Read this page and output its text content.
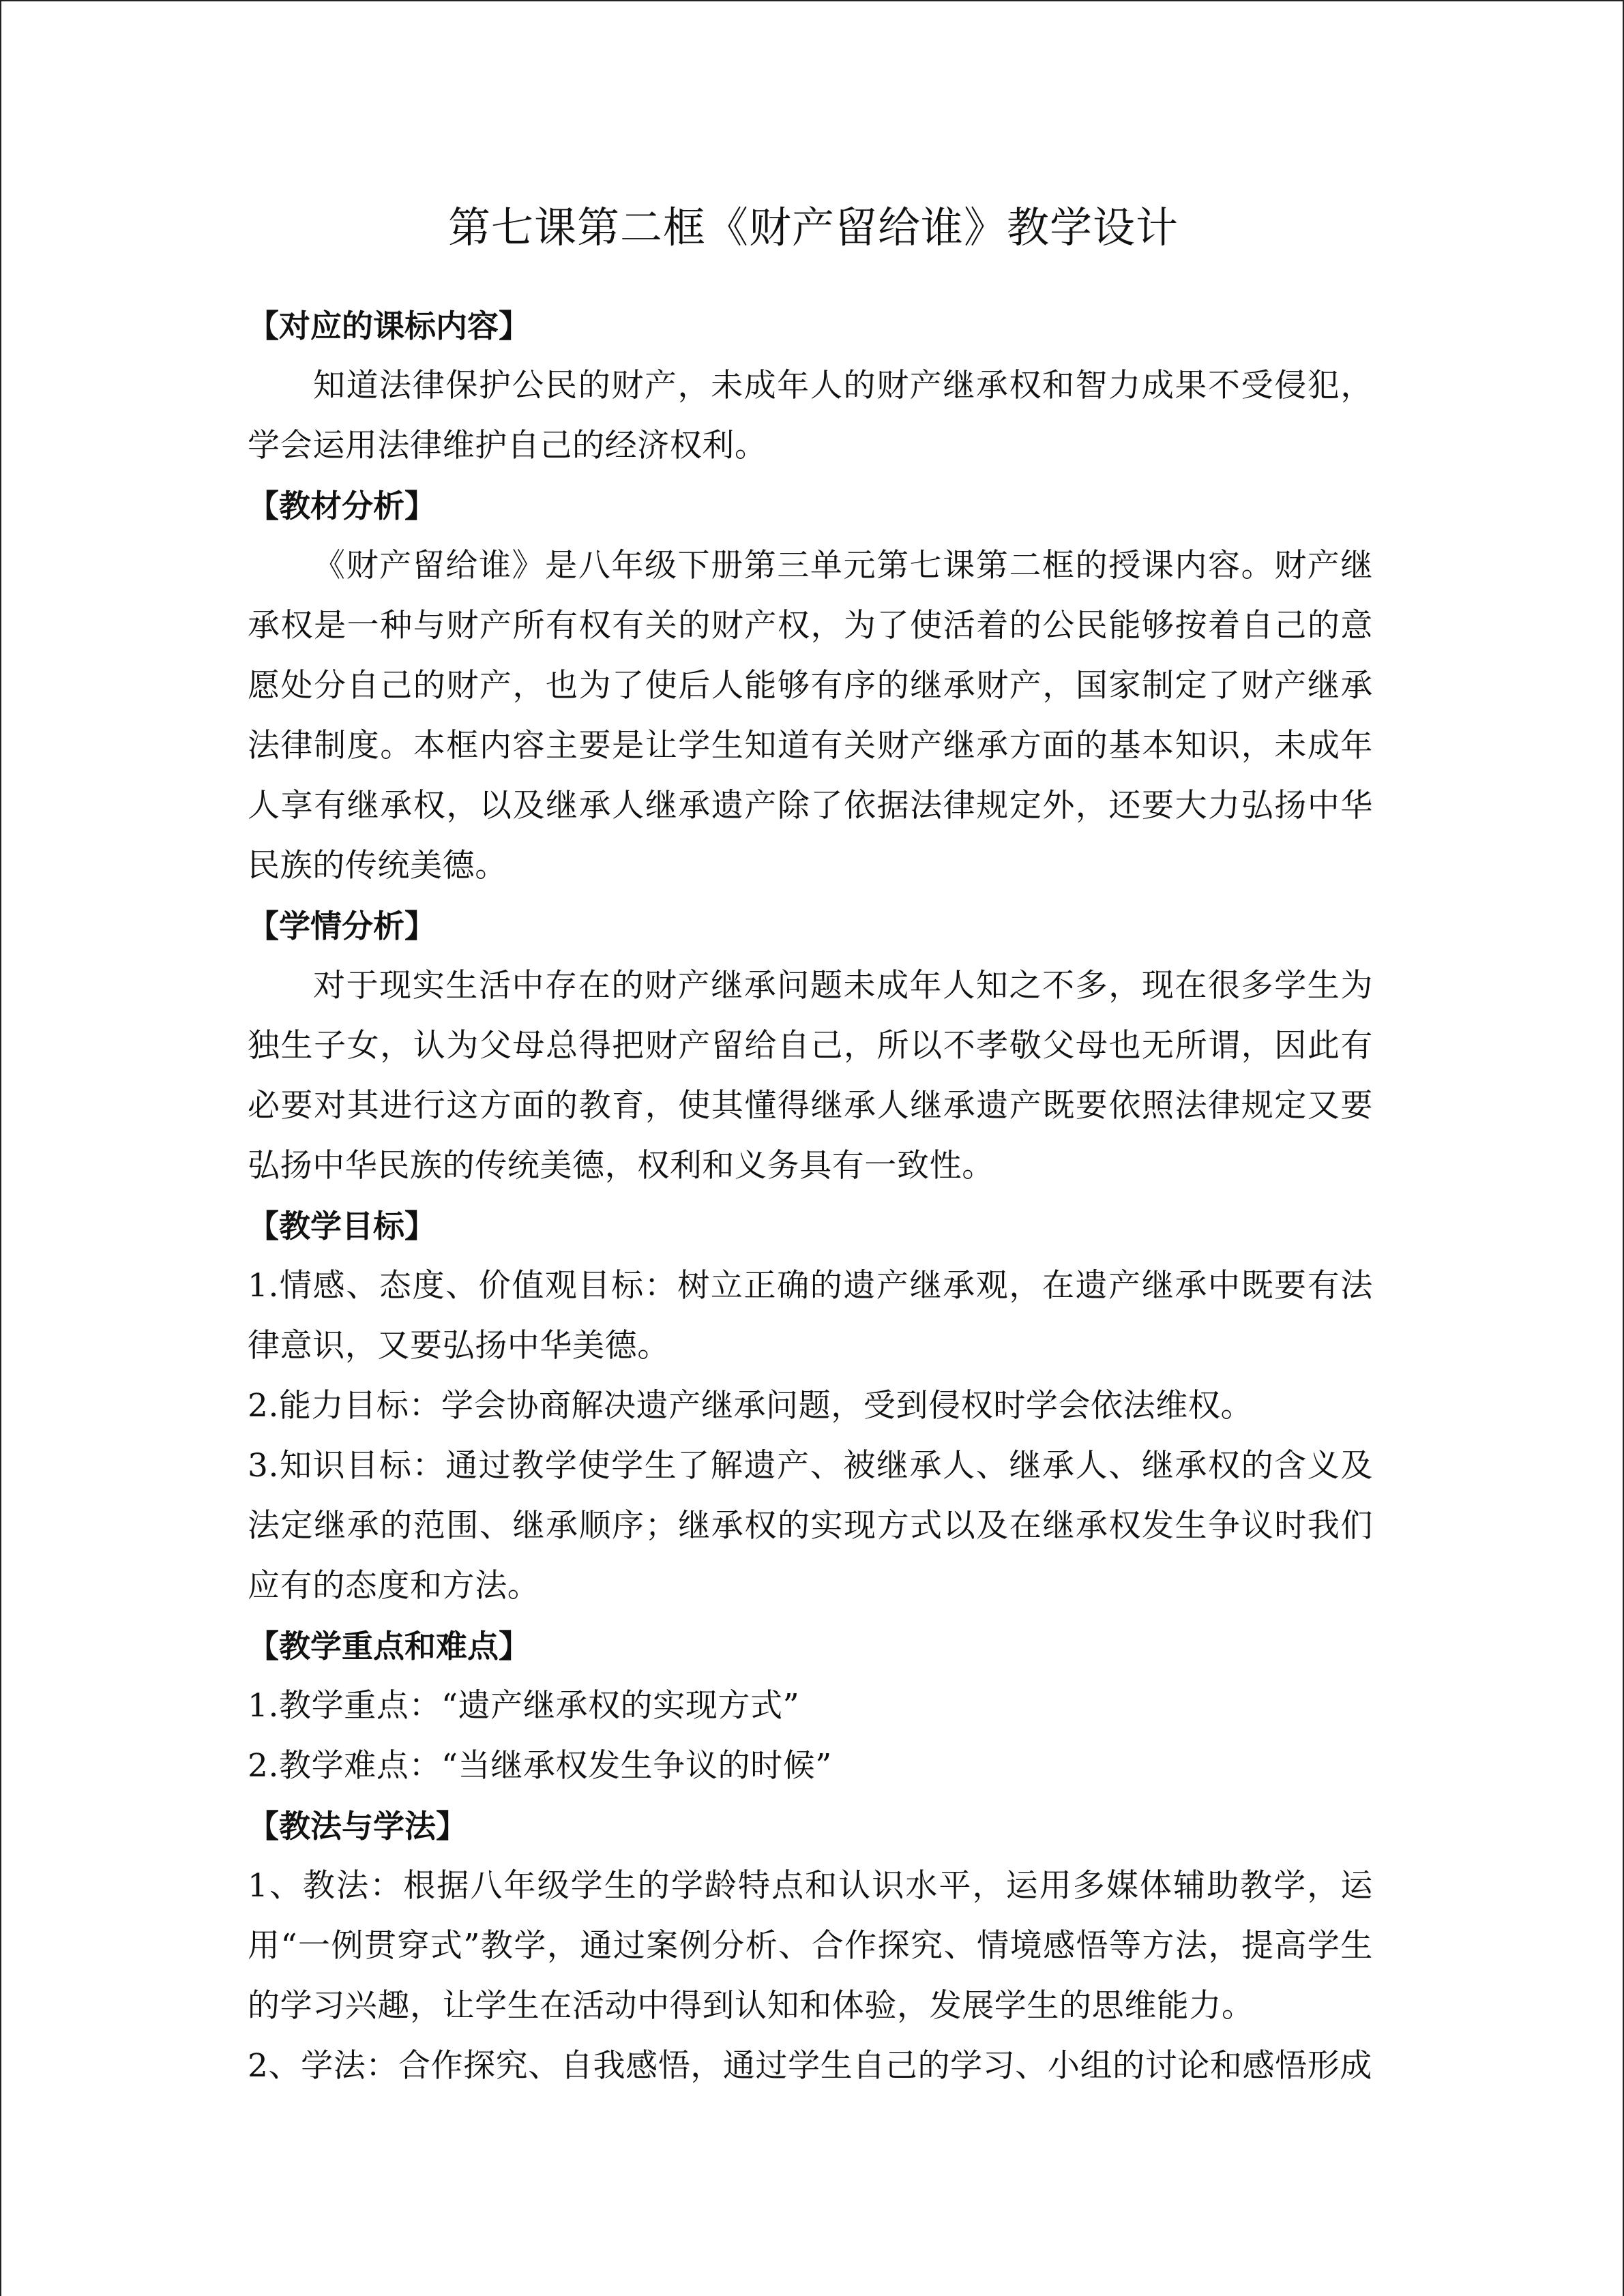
第七课第二框《财产留给谁》教学设计
【对应的课标内容】
知道法律保护公民的财产，未成年人的财产继承权和智力成果不受侵犯，学会运用法律维护自己的经济权利。
【教材分析】
《财产留给谁》是八年级下册第三单元第七课第二框的授课内容。财产继承权是一种与财产所有权有关的财产权，为了使活着的公民能够按着自己的意愿处分自己的财产，也为了使后人能够有序的继承财产，国家制定了财产继承法律制度。本框内容主要是让学生知道有关财产继承方面的基本知识，未成年人享有继承权，以及继承人继承遗产除了依据法律规定外，还要大力弘扬中华民族的传统美德。
【学情分析】
对于现实生活中存在的财产继承问题未成年人知之不多，现在很多学生为独生子女，认为父母总得把财产留给自己，所以不孝敬父母也无所谓，因此有必要对其进行这方面的教育，使其懂得继承人继承遗产既要依照法律规定又要弘扬中华民族的传统美德，权利和义务具有一致性。
【教学目标】
1.情感、态度、价值观目标：树立正确的遗产继承观，在遗产继承中既要有法律意识，又要弘扬中华美德。
2.能力目标：学会协商解决遗产继承问题，受到侵权时学会依法维权。
3.知识目标：通过教学使学生了解遗产、被继承人、继承人、继承权的含义及法定继承的范围、继承顺序；继承权的实现方式以及在继承权发生争议时我们应有的态度和方法。
【教学重点和难点】
1.教学重点：“遗产继承权的实现方式”
2.教学难点：“当继承权发生争议的时候”
【教法与学法】
1、教法：根据八年级学生的学龄特点和认识水平，运用多媒体辅助教学，运用“一例贯穿式”教学，通过案例分析、合作探究、情境感悟等方法，提高学生的学习兴趣，让学生在活动中得到认知和体验，发展学生的思维能力。
2、学法：合作探究、自我感悟，通过学生自己的学习、小组的讨论和感悟形成
